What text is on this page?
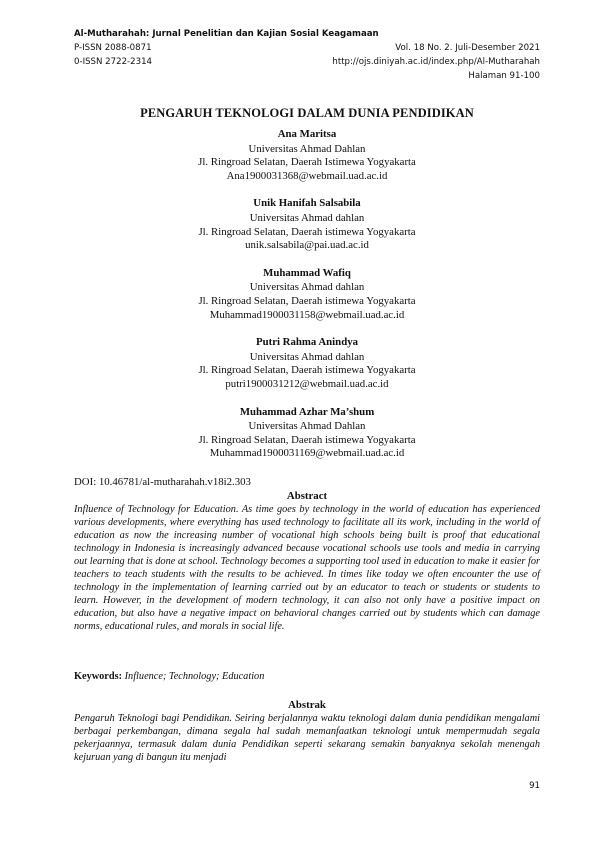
Al-Mutharahah: Jurnal Penelitian dan Kajian Sosial Keagamaan
P-ISSN 2088-0871	Vol. 18 No. 2. Juli-Desember 2021
0-ISSN 2722-2314	http://ojs.diniyah.ac.id/index.php/Al-Mutharahah
Halaman 91-100
PENGARUH TEKNOLOGI DALAM DUNIA PENDIDIKAN
Ana Maritsa
Universitas Ahmad Dahlan
Jl. Ringroad Selatan, Daerah Istimewa Yogyakarta
Ana1900031368@webmail.uad.ac.id
Unik Hanifah Salsabila
Universitas Ahmad dahlan
Jl. Ringroad Selatan, Daerah istimewa Yogyakarta
unik.salsabila@pai.uad.ac.id
Muhammad Wafiq
Universitas Ahmad dahlan
Jl. Ringroad Selatan, Daerah istimewa Yogyakarta
Muhammad1900031158@webmail.uad.ac.id
Putri Rahma Anindya
Universitas Ahmad dahlan
Jl. Ringroad Selatan, Daerah istimewa Yogyakarta
putri1900031212@webmail.uad.ac.id
Muhammad Azhar Ma’shum
Universitas Ahmad Dahlan
Jl. Ringroad Selatan, Daerah istimewa Yogyakarta
Muhammad1900031169@webmail.uad.ac.id
DOI: 10.46781/al-mutharahah.v18i2.303
Abstract
Influence of Technology for Education. As time goes by technology in the world of education has experienced various developments, where everything has used technology to facilitate all its work, including in the world of education as now the increasing number of vocational high schools being built is proof that educational technology in Indonesia is increasingly advanced because vocational schools use tools and media in carrying out learning that is done at school. Technology becomes a supporting tool used in education to make it easier for teachers to teach students with the results to be achieved. In times like today we often encounter the use of technology in the implementation of learning carried out by an educator to teach or students or students to learn. However, in the development of modern technology, it can also not only have a positive impact on education, but also have a negative impact on behavioral changes carried out by students which can damage norms, educational rules, and morals in social life.
Keywords: Influence; Technology; Education
Abstrak
Pengaruh Teknologi bagi Pendidikan. Seiring berjalannya waktu teknologi dalam dunia pendidikan mengalami berbagai perkembangan, dimana segala hal sudah memanfaatkan teknologi untuk mempermudah segala pekerjaannya, termasuk dalam dunia Pendidikan seperti sekarang semakin banyaknya sekolah menengah kejuruan yang di bangun itu menjadi
91
